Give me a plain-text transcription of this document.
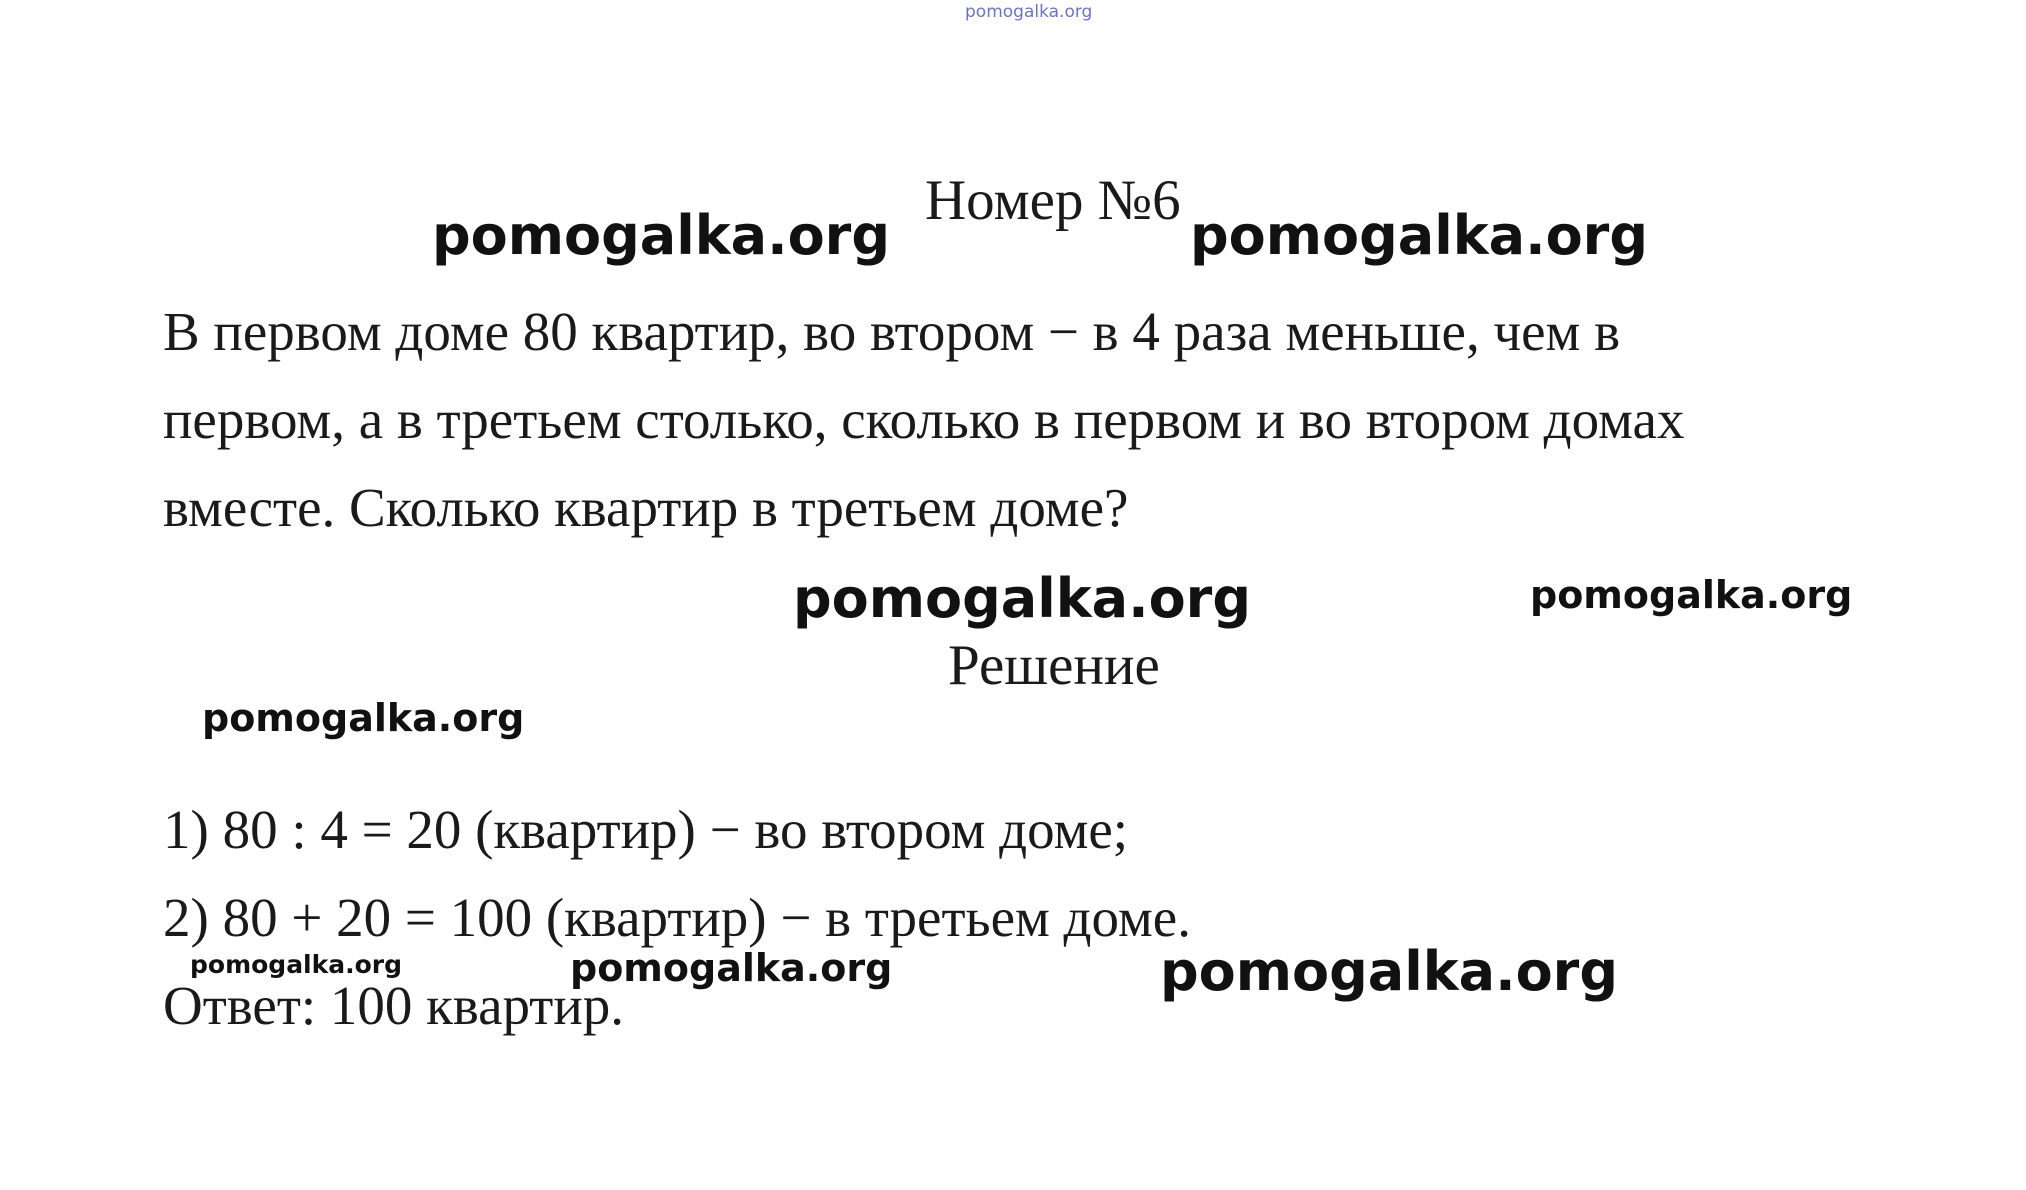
pomogalka.org
Номер №6
pomogalka.org	pomogalka.org
В первом доме 80 квартир, во втором − в 4 раза меньше, чем в
первом, а в третьем столько, сколько в первом и во втором домах
вместе. Сколько квартир в третьем доме?
pomogalka.org	pomogalka.org
Решение
pomogalka.org
1) 80 : 4 = 20 (квартир) − во втором доме;
2) 80 + 20 = 100 (квартир) − в третьем доме.
Ответ: 100 квартир.
pomogalka.org	pomogalka.org	pomogalka.org
